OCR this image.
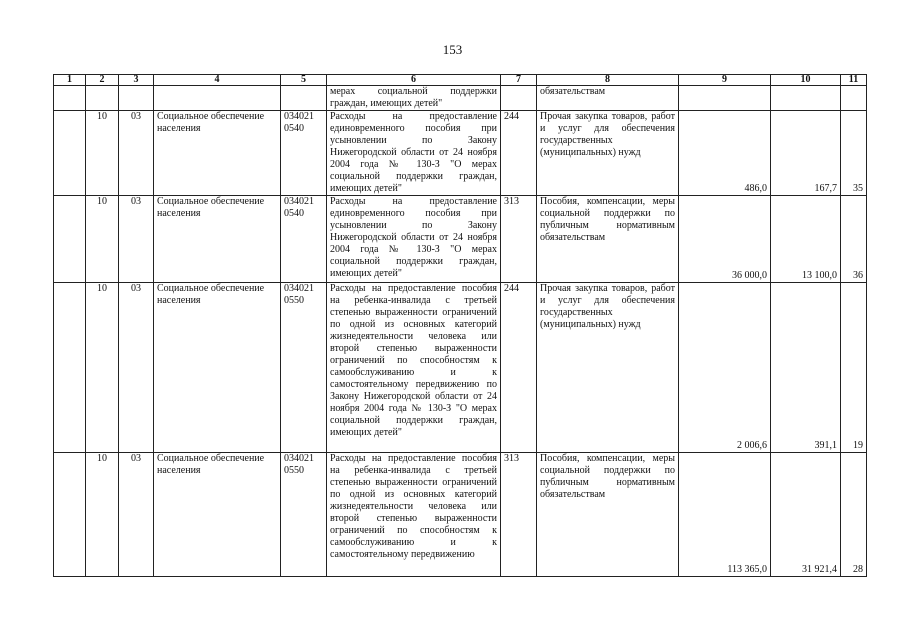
153
1	2	3	4	5	6	7	8	9	10	11
					мерах социальной поддержки граждан, имеющих детей"		обязательствам			
	10	03	Социальное обеспечение населения	034021 0540	Расходы на предоставление единовременного пособия при усыновлении по Закону Нижегородской области от 24 ноября 2004 года № 130-З "О мерах социальной поддержки граждан, имеющих детей"	244	Прочая закупка товаров, работ и услуг для обеспечения государственных (муниципальных) нужд	486,0	167,7	35
	10	03	Социальное обеспечение населения	034021 0540	Расходы на предоставление единовременного пособия при усыновлении по Закону Нижегородской области от 24 ноября 2004 года № 130-З "О мерах социальной поддержки граждан, имеющих детей"	313	Пособия, компенсации, меры социальной поддержки по публичным нормативным обязательствам	36 000,0	13 100,0	36
	10	03	Социальное обеспечение населения	034021 0550	Расходы на предоставление пособия на ребенка-инвалида с третьей степенью выраженности ограничений по одной из основных категорий жизнедеятельности человека или второй степенью выраженности ограничений по способностям к самообслуживанию и к самостоятельному передвижению по Закону Нижегородской области от 24 ноября 2004 года № 130-З "О мерах социальной поддержки граждан, имеющих детей"	244	Прочая закупка товаров, работ и услуг для обеспечения государственных (муниципальных) нужд	2 006,6	391,1	19
	10	03	Социальное обеспечение населения	034021 0550	Расходы на предоставление пособия на ребенка-инвалида с третьей степенью выраженности ограничений по одной из основных категорий жизнедеятельности человека или второй степенью выраженности ограничений по способностям к самообслуживанию и к самостоятельному передвижению	313	Пособия, компенсации, меры социальной поддержки по публичным нормативным обязательствам	113 365,0	31 921,4	28
